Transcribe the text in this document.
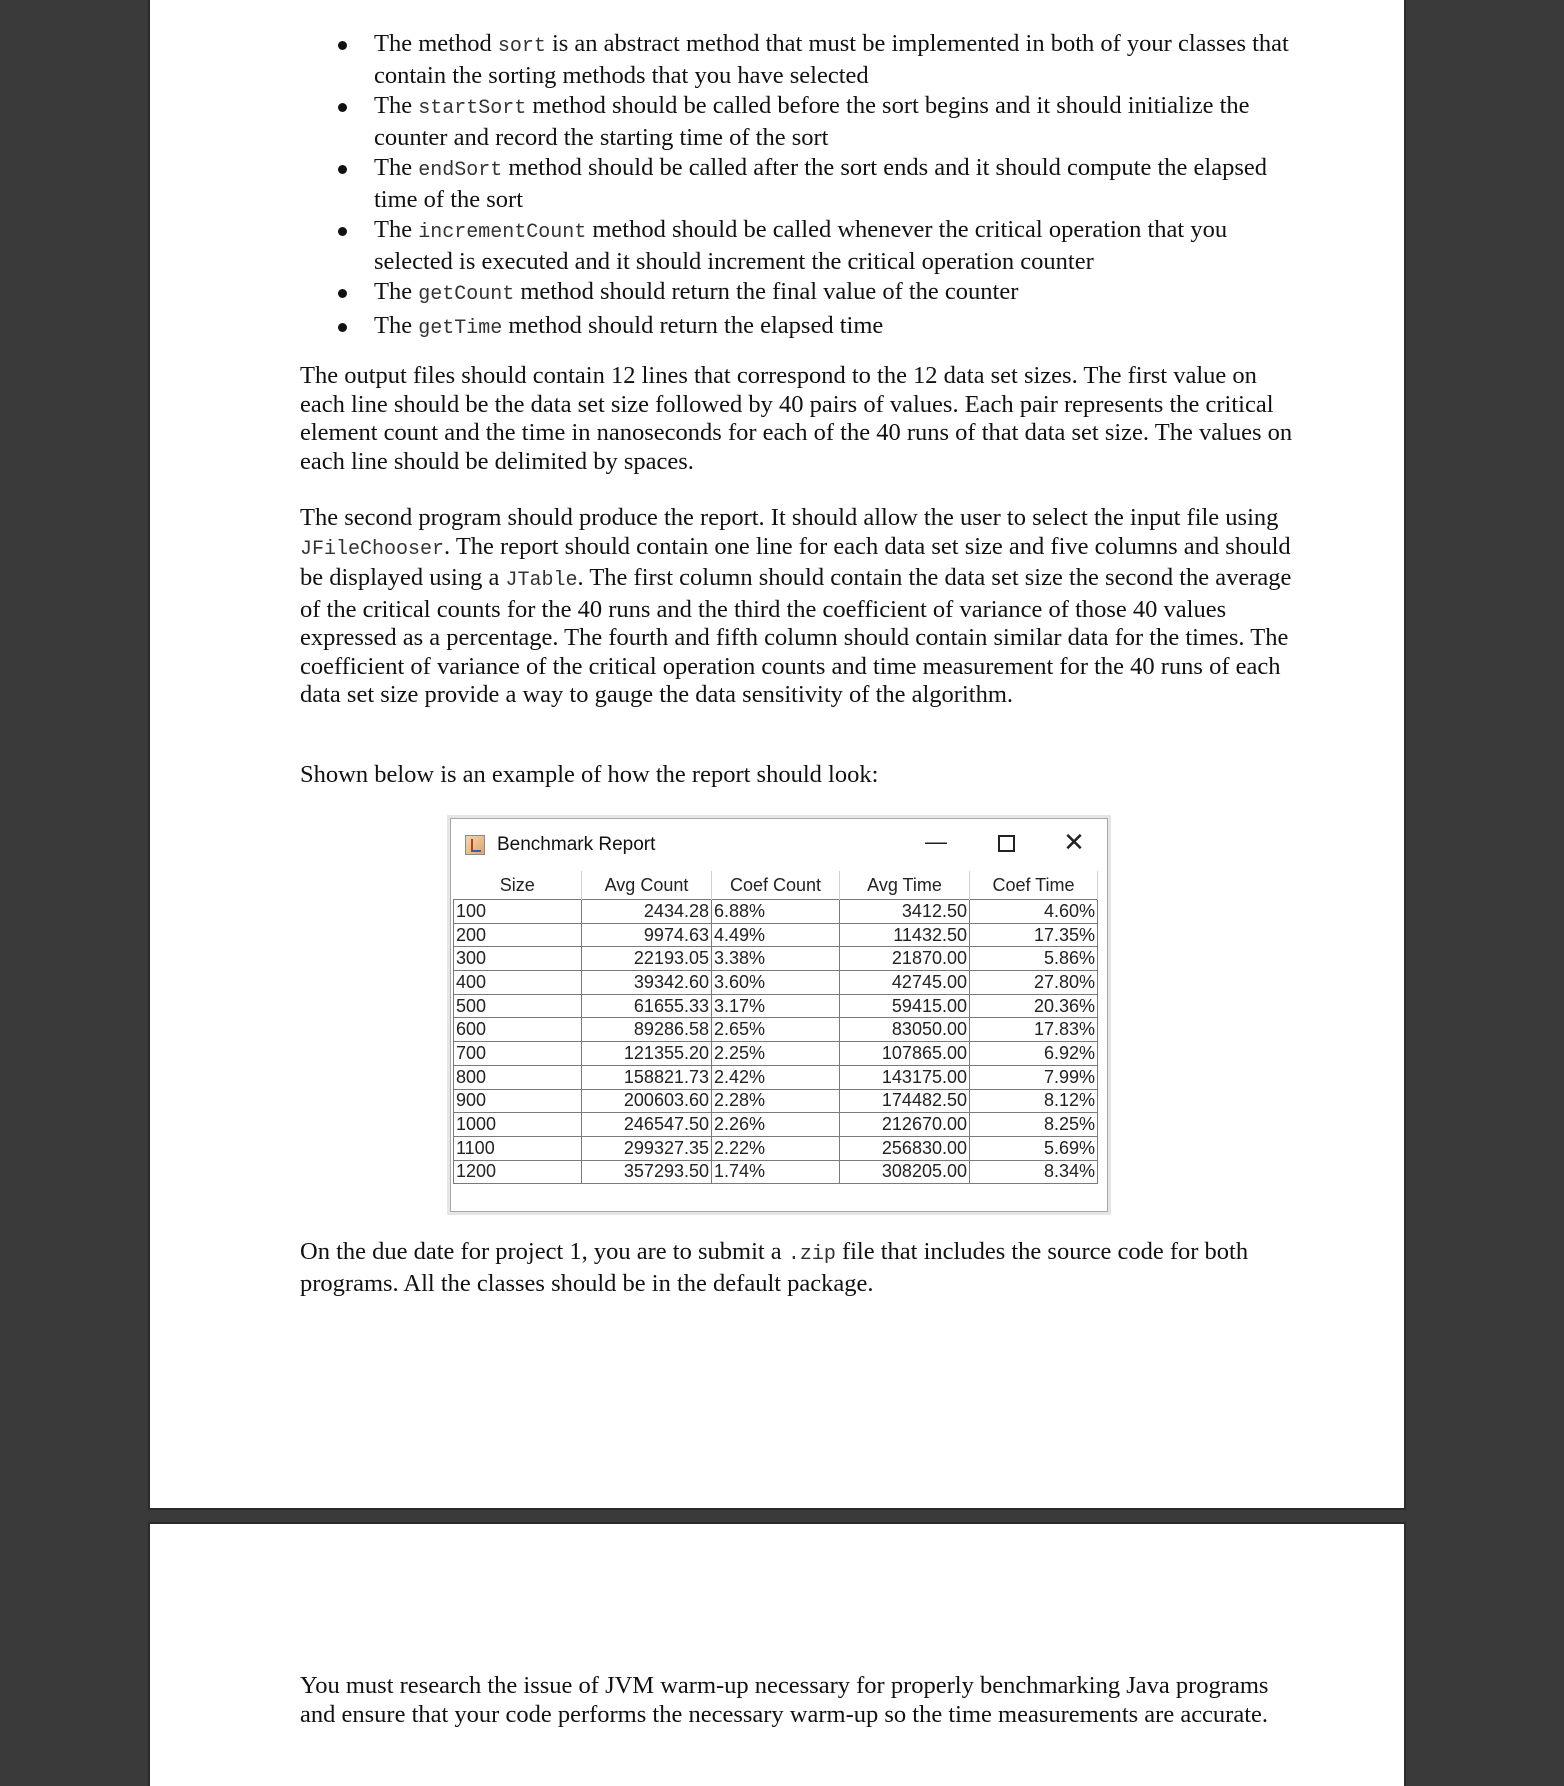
The method sort is an abstract method that must be implemented in both of your classes that contain the sorting methods that you have selected
The startSort method should be called before the sort begins and it should initialize the counter and record the starting time of the sort
The endSort method should be called after the sort ends and it should compute the elapsed time of the sort
The incrementCount method should be called whenever the critical operation that you selected is executed and it should increment the critical operation counter
The getCount method should return the final value of the counter
The getTime method should return the elapsed time

The output files should contain 12 lines that correspond to the 12 data set sizes. The first value on each line should be the data set size followed by 40 pairs of values. Each pair represents the critical element count and the time in nanoseconds for each of the 40 runs of that data set size. The values on each line should be delimited by spaces.

The second program should produce the report. It should allow the user to select the input file using JFileChooser. The report should contain one line for each data set size and five columns and should be displayed using a JTable. The first column should contain the data set size the second the average of the critical counts for the 40 runs and the third the coefficient of variance of those 40 values expressed as a percentage. The fourth and fifth column should contain similar data for the times. The coefficient of variance of the critical operation counts and time measurement for the 40 runs of each data set size provide a way to gauge the data sensitivity of the algorithm.

Shown below is an example of how the report should look:

Benchmark Report	—	✕
Size	Avg Count	Coef Count	Avg Time	Coef Time
100	2434.28	6.88%	3412.50	4.60%
200	9974.63	4.49%	11432.50	17.35%
300	22193.05	3.38%	21870.00	5.86%
400	39342.60	3.60%	42745.00	27.80%
500	61655.33	3.17%	59415.00	20.36%
600	89286.58	2.65%	83050.00	17.83%
700	121355.20	2.25%	107865.00	6.92%
800	158821.73	2.42%	143175.00	7.99%
900	200603.60	2.28%	174482.50	8.12%
1000	246547.50	2.26%	212670.00	8.25%
1100	299327.35	2.22%	256830.00	5.69%
1200	357293.50	1.74%	308205.00	8.34%

On the due date for project 1, you are to submit a .zip file that includes the source code for both programs. All the classes should be in the default package.

You must research the issue of JVM warm-up necessary for properly benchmarking Java programs and ensure that your code performs the necessary warm-up so the time measurements are accurate.
